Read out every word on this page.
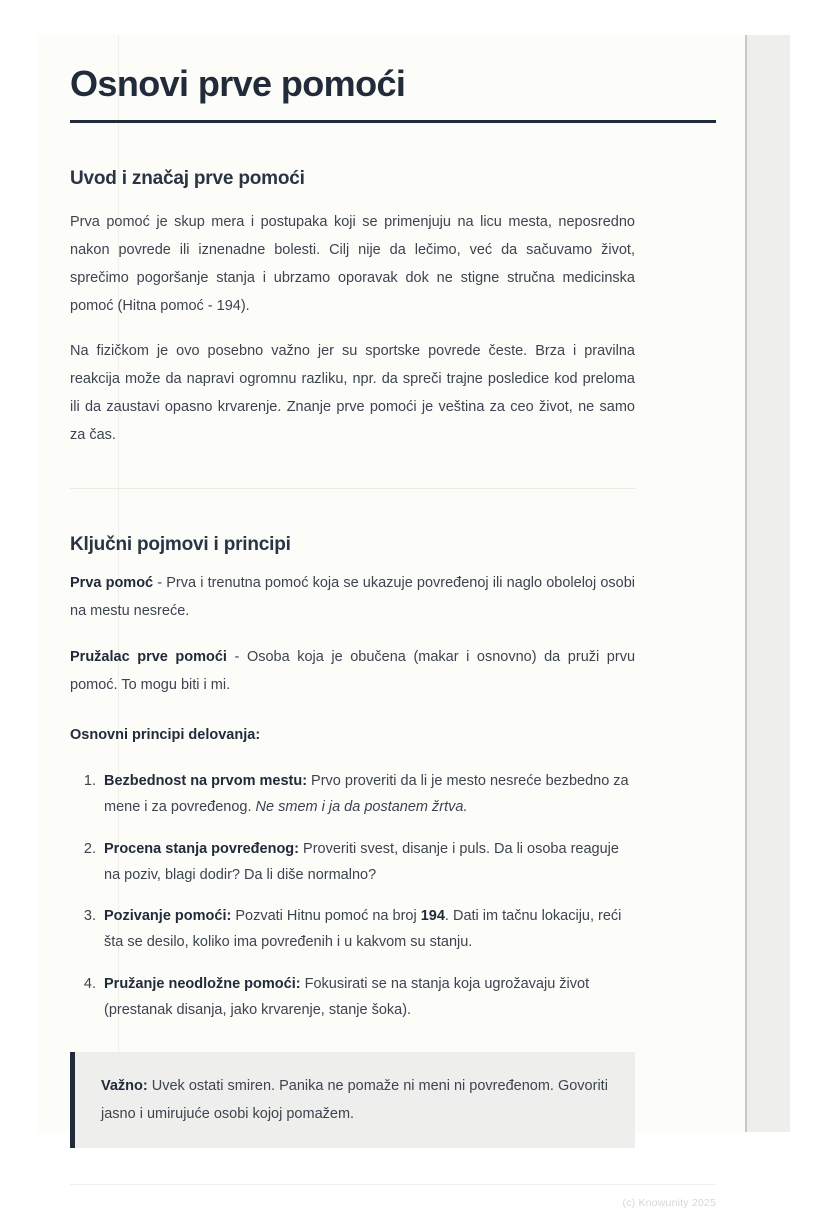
Osnovi prve pomoći
Uvod i značaj prve pomoći

Prva pomoć je skup mera i postupaka koji se primenjuju na licu mesta, neposredno nakon povrede ili iznenadne bolesti. Cilj nije da lečimo, već da sačuvamo život, sprečimo pogoršanje stanja i ubrzamo oporavak dok ne stigne stručna medicinska pomoć (Hitna pomoć - 194).

Na fizičkom je ovo posebno važno jer su sportske povrede česte. Brza i pravilna reakcija može da napravi ogromnu razliku, npr. da spreči trajne posledice kod preloma ili da zaustavi opasno krvarenje. Znanje prve pomoći je veština za ceo život, ne samo za čas.

Ključni pojmovi i principi

Prva pomoć - Prva i trenutna pomoć koja se ukazuje povređenoj ili naglo oboleloj osobi na mestu nesreće.

Pružalac prve pomoći - Osoba koja je obučena (makar i osnovno) da pruži prvu pomoć. To mogu biti i mi.

Osnovni principi delovanja:

1. Bezbednost na prvom mestu: Prvo proveriti da li je mesto nesreće bezbedno za mene i za povređenog. Ne smem i ja da postanem žrtva.
2. Procena stanja povređenog: Proveriti svest, disanje i puls. Da li osoba reaguje na poziv, blagi dodir? Da li diše normalno?
3. Pozivanje pomoći: Pozvati Hitnu pomoć na broj 194. Dati im tačnu lokaciju, reći šta se desilo, koliko ima povređenih i u kakvom su stanju.
4. Pružanje neodložne pomoći: Fokusirati se na stanja koja ugrožavaju život (prestanak disanja, jako krvarenje, stanje šoka).

Važno: Uvek ostati smiren. Panika ne pomaže ni meni ni povređenom. Govoriti jasno i umirujuće osobi kojoj pomažem.

(c) Knowunity 2025
